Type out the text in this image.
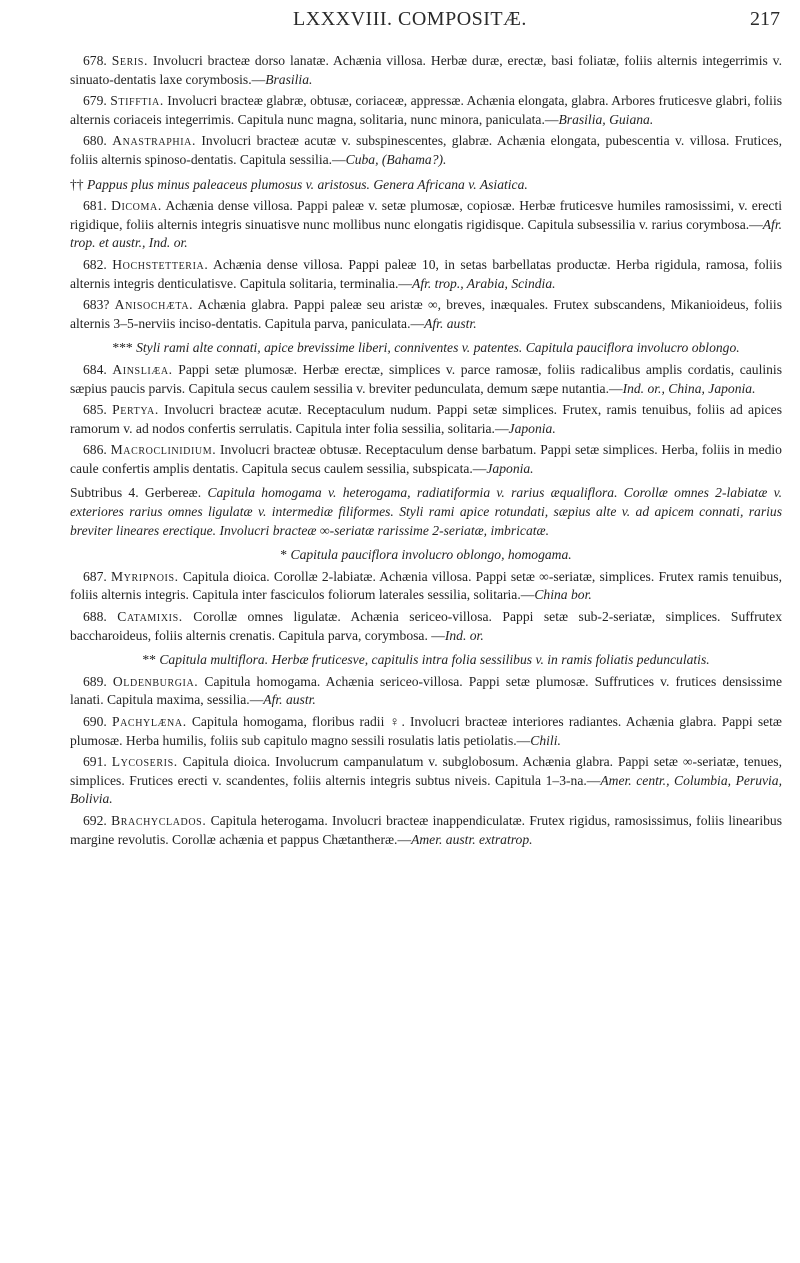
LXXXVIII. COMPOSITÆ.	217

678. Seris. Involucri bracteæ dorso lanatæ. Achænia villosa. Herbæ duræ, erectæ, basi foliatæ, foliis alternis integerrimis v. sinuato-dentatis laxe corymbosis.—Brasilia.

679. Stifftia. Involucri bracteæ glabræ, obtusæ, coriaceæ, appressæ. Achænia elongata, glabra. Arbores fruticesve glabri, foliis alternis coriaceis integerrimis. Capitula nunc magna, solitaria, nunc minora, paniculata.—Brasilia, Guiana.

680. Anastraphia. Involucri bracteæ acutæ v. subspinescentes, glabræ. Achænia elongata, pubescentia v. villosa. Frutices, foliis alternis spinoso-dentatis. Capitula sessilia.—Cuba, (Bahama?).

†† Pappus plus minus paleaceus plumosus v. aristosus. Genera Africana v. Asiatica.

681. Dicoma. Achænia dense villosa. Pappi paleæ v. setæ plumosæ, copiosæ. Herbæ fruticesve humiles ramosissimi, v. erecti rigidique, foliis alternis integris sinuatisve nunc mollibus nunc elongatis rigidisque. Capitula subsessilia v. rarius corymbosa.—Afr. trop. et austr., Ind. or.

682. Hochstetteria. Achænia dense villosa. Pappi paleæ 10, in setas barbellatas productæ. Herba rigidula, ramosa, foliis alternis integris denticulatisve. Capitula solitaria, terminalia.—Afr. trop., Arabia, Scindia.

683? Anisochæta. Achænia glabra. Pappi paleæ seu aristæ ∞, breves, inæquales. Frutex subscandens, Mikanioideus, foliis alternis 3–5-nerviis inciso-dentatis. Capitula parva, paniculata.—Afr. austr.

*** Styli rami alte connati, apice brevissime liberi, conniventes v. patentes. Capitula pauciflora involucro oblongo.

684. Ainsliæa. Pappi setæ plumosæ. Herbæ erectæ, simplices v. parce ramosæ, foliis radicalibus amplis cordatis, caulinis sæpius paucis parvis. Capitula secus caulem sessilia v. breviter pedunculata, demum sæpe nutantia.—Ind. or., China, Japonia.

685. Pertya. Involucri bracteæ acutæ. Receptaculum nudum. Pappi setæ simplices. Frutex, ramis tenuibus, foliis ad apices ramorum v. ad nodos confertis serrulatis. Capitula inter folia sessilia, solitaria.—Japonia.

686. Macroclinidium. Involucri bracteæ obtusæ. Receptaculum dense barbatum. Pappi setæ simplices. Herba, foliis in medio caule confertis amplis dentatis. Capitula secus caulem sessilia, subspicata.—Japonia.

Subtribus 4. Gerbereæ. Capitula homogama v. heterogama, radiatiformia v. rarius æqualiflora. Corollæ omnes 2-labiatæ v. exteriores rarius omnes ligulatæ v. intermediæ filiformes. Styli rami apice rotundati, sæpius alte v. ad apicem connati, rarius breviter lineares erectique. Involucri bracteæ ∞-seriatæ rarissime 2-seriatæ, imbricatæ.

* Capitula pauciflora involucro oblongo, homogama.

687. Myripnois. Capitula dioica. Corollæ 2-labiatæ. Achænia villosa. Pappi setæ ∞-seriatæ, simplices. Frutex ramis tenuibus, foliis alternis integris. Capitula inter fasciculos foliorum laterales sessilia, solitaria.—China bor.

688. Catamixis. Corollæ omnes ligulatæ. Achænia sericeo-villosa. Pappi setæ sub-2-seriatæ, simplices. Suffrutex baccharoideus, foliis alternis crenatis. Capitula parva, corymbosa. —Ind. or.

** Capitula multiflora. Herbæ fruticesve, capitulis intra folia sessilibus v. in ramis foliatis pedunculatis.

689. Oldenburgia. Capitula homogama. Achænia sericeo-villosa. Pappi setæ plumosæ. Suffrutices v. frutices densissime lanati. Capitula maxima, sessilia.—Afr. austr.

690. Pachylæna. Capitula homogama, floribus radii ♀. Involucri bracteæ interiores radiantes. Achænia glabra. Pappi setæ plumosæ. Herba humilis, foliis sub capitulo magno sessili rosulatis latis petiolatis.—Chili.

691. Lycoseris. Capitula dioica. Involucrum campanulatum v. subglobosum. Achænia glabra. Pappi setæ ∞-seriatæ, tenues, simplices. Frutices erecti v. scandentes, foliis alternis integris subtus niveis. Capitula 1–3-na.—Amer. centr., Columbia, Peruvia, Bolivia.

692. Brachyclados. Capitula heterogama. Involucri bracteæ inappendiculatæ. Frutex rigidus, ramosissimus, foliis linearibus margine revolutis. Corollæ achænia et pappus Chætantheræ.—Amer. austr. extratrop.
